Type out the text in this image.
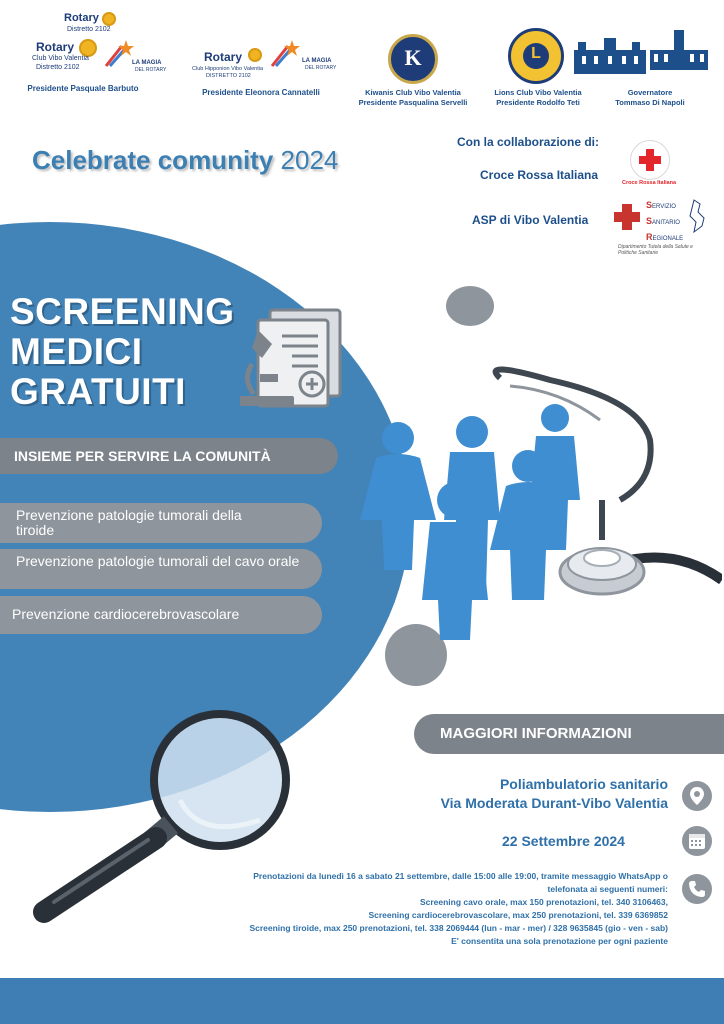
Rotary
Distretto 2102
Rotary
Club Vibo Valentia
Distretto 2102
LA MAGIA
DEL ROTARY
Presidente Pasquale Barbuto
Rotary
Club Hipponion Vibo Valentia
DISTRETTO 2102
LA MAGIA
DEL ROTARY
Presidente Eleonora Cannatelli
K
Kiwanis Club Vibo Valentia
Presidente Pasqualina Servelli
L
Lions Club Vibo Valentia
Presidente Rodolfo Teti
Governatore
Tommaso Di Napoli
Celebrate comunity 2024
Con la collaborazione di:
Croce Rossa Italiana
Croce Rossa Italiana
ASP di Vibo Valentia
SERVIZIO
SANITARIO
REGIONALE
Dipartimento Tutela della Salute e Politiche Sanitarie
SCREENING
MEDICI
GRATUITI
INSIEME PER SERVIRE LA COMUNITÀ
Prevenzione patologie tumorali della tiroide
Prevenzione patologie tumorali del cavo orale
Prevenzione cardiocerebrovascolare
MAGGIORI INFORMAZIONI
Poliambulatorio sanitario
Via Moderata Durant-Vibo Valentia
22 Settembre 2024
Prenotazioni da lunedì 16 a sabato 21 settembre, dalle 15:00 alle 19:00, tramite messaggio WhatsApp o
telefonata ai seguenti numeri:
Screening cavo orale, max 150 prenotazioni, tel. 340 3106463,
Screening cardiocerebrovascolare, max 250 prenotazioni, tel. 339 6369852
Screening tiroide, max 250 prenotazioni, tel. 338 2069444 (lun - mar - mer) / 328 9635845 (gio - ven - sab)
E' consentita una sola prenotazione per ogni paziente
